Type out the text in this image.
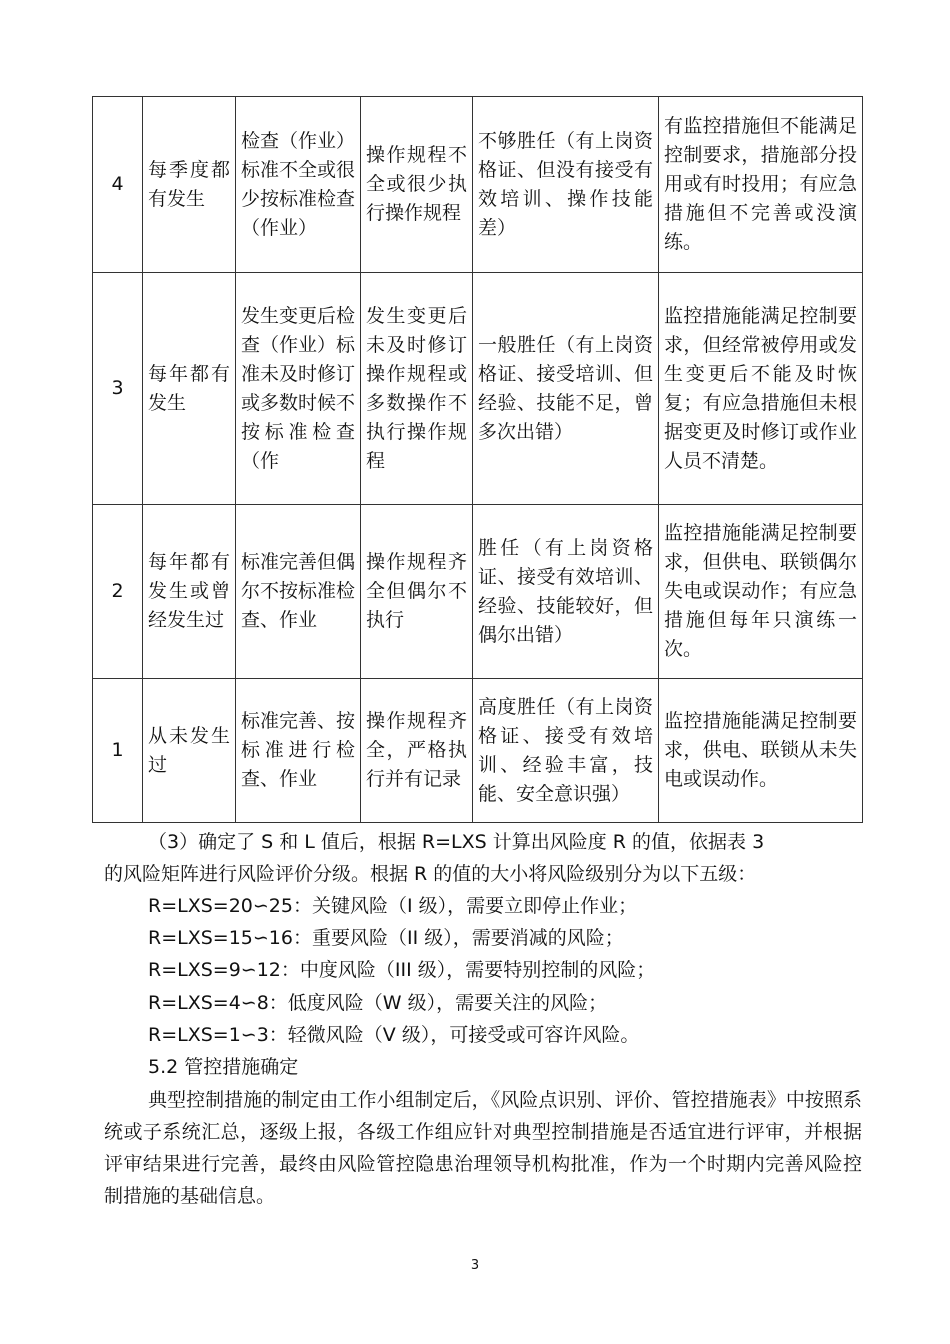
4	每季度都有发生	检查（作业）标准不全或很少按标准检查（作业）	操作规程不全或很少执行操作规程	不够胜任（有上岗资格证、但没有接受有效培训、操作技能差）	有监控措施但不能满足控制要求，措施部分投用或有时投用；有应急措施但不完善或没演练。
3	每年都有发生	发生变更后检查（作业）标准未及时修订或多数时候不按标准检查（作	发生变更后未及时修订操作规程或多数操作不执行操作规程	一般胜任（有上岗资格证、接受培训、但经验、技能不足，曾多次出错）	监控措施能满足控制要求，但经常被停用或发生变更后不能及时恢复；有应急措施但未根据变更及时修订或作业人员不清楚。
2	每年都有发生或曾经发生过	标准完善但偶尔不按标准检查、作业	操作规程齐全但偶尔不执行	胜任（有上岗资格证、接受有效培训、经验、技能较好，但偶尔出错）	监控措施能满足控制要求，但供电、联锁偶尔失电或误动作；有应急措施但每年只演练一次。
1	从未发生过	标准完善、按标准进行检查、作业	操作规程齐全，严格执行并有记录	高度胜任（有上岗资格证、接受有效培训、经验丰富，技能、安全意识强）	监控措施能满足控制要求，供电、联锁从未失电或误动作。
（3）确定了 S 和 L 值后，根据 R=LXS 计算出风险度 R 的值，依据表 3
的风险矩阵进行风险评价分级。根据 R 的值的大小将风险级别分为以下五级：
R=LXS=20∽25：关键风险（I 级），需要立即停止作业；
R=LXS=15∽16：重要风险（II 级），需要消减的风险；
R=LXS=9∽12：中度风险（III 级），需要特别控制的风险；
R=LXS=4∽8：低度风险（W 级），需要关注的风险；
R=LXS=1∽3：轻微风险（V 级），可接受或可容许风险。
5.2 管控措施确定
典型控制措施的制定由工作小组制定后，《风险点识别、评价、管控措施表》中按照系统或子系统汇总，逐级上报，各级工作组应针对典型控制措施是否适宜进行评审，并根据评审结果进行完善，最终由风险管控隐患治理领导机构批准，作为一个时期内完善风险控制措施的基础信息。
3
